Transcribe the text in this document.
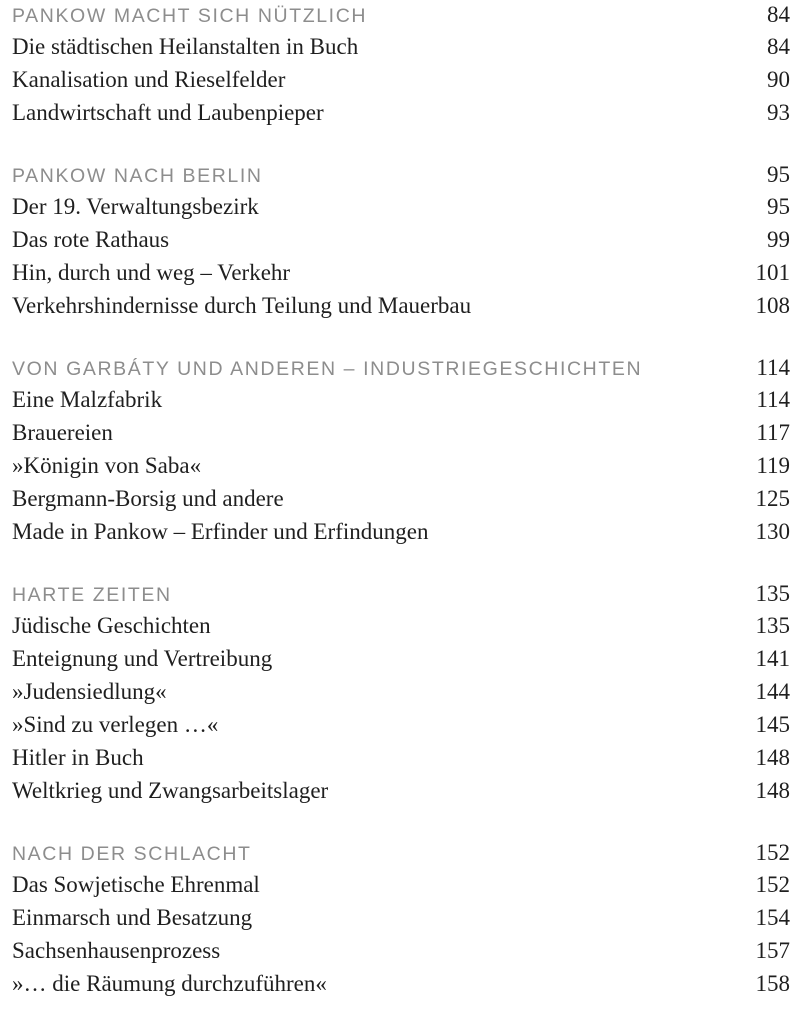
PANKOW MACHT SICH NÜTZLICH	84
Die städtischen Heilanstalten in Buch	84
Kanalisation und Rieselfelder	90
Landwirtschaft und Laubenpieper	93
PANKOW NACH BERLIN	95
Der 19. Verwaltungsbezirk	95
Das rote Rathaus	99
Hin, durch und weg – Verkehr	101
Verkehrshindernisse durch Teilung und Mauerbau	108
VON GARBÁTY UND ANDEREN – INDUSTRIEGESCHICHTEN	114
Eine Malzfabrik	114
Brauereien	117
»Königin von Saba«	119
Bergmann-Borsig und andere	125
Made in Pankow – Erfinder und Erfindungen	130
HARTE ZEITEN	135
Jüdische Geschichten	135
Enteignung und Vertreibung	141
»Judensiedlung«	144
»Sind zu verlegen …«	145
Hitler in Buch	148
Weltkrieg und Zwangsarbeitslager	148
NACH DER SCHLACHT	152
Das Sowjetische Ehrenmal	152
Einmarsch und Besatzung	154
Sachsenhausenprozess	157
»… die Räumung durchzuführen«	158
